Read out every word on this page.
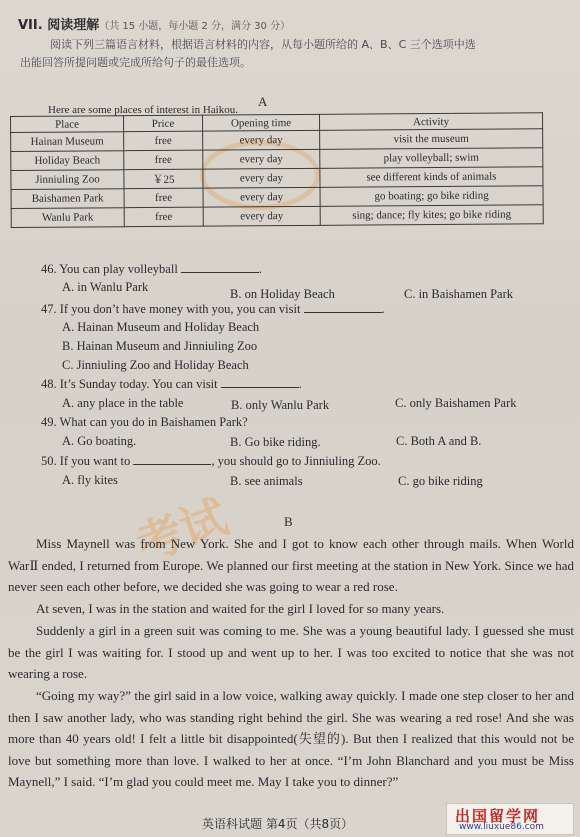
考试
VII. 阅读理解（共 15 小题，每小题 2 分，满分 30 分）
阅读下列三篇语言材料，根据语言材料的内容，从每小题所给的 A、B、C 三个选项中选
出能回答所提问题或完成所给句子的最佳选项。
A
Here are some places of interest in Haikou.
Place	Price	Opening time	Activity
Hainan Museum	free	every day	visit the museum
Holiday Beach	free	every day	play volleyball; swim
Jinniuling Zoo	￥25	every day	see different kinds of animals
Baishamen Park	free	every day	go boating; go bike riding
Wanlu Park	free	every day	sing; dance; fly kites; go bike riding
46. You can play volleyball	.
A. in Wanlu Park	B. on Holiday Beach	C. in Baishamen Park
47. If you don’t have money with you, you can visit	.
A. Hainan Museum and Holiday Beach
B. Hainan Museum and Jinniuling Zoo
C. Jinniuling Zoo and Holiday Beach
48. It’s Sunday today. You can visit	.
A. any place in the table	B. only Wanlu Park	C. only Baishamen Park
49. What can you do in Baishamen Park?
A. Go boating.	B. Go bike riding.	C. Both A and B.
50. If you want to	, you should go to Jinniuling Zoo.
A. fly kites	B. see animals	C. go bike riding
B
Miss Maynell was from New York. She and I got to know each other through mails. When World WarⅡ ended, I returned from Europe. We planned our first meeting at the station in New York. Since we had never seen each other before, we decided she was going to wear a red rose.
At seven, I was in the station and waited for the girl I loved for so many years.
Suddenly a girl in a green suit was coming to me. She was a young beautiful lady. I guessed she must be the girl I was waiting for. I stood up and went up to her. I was too excited to notice that she was not wearing a rose.
“Going my way?” the girl said in a low voice, walking away quickly. I made one step closer to her and then I saw another lady, who was standing right behind the girl. She was wearing a red rose! And she was more than 40 years old! I felt a little bit disappointed(失望的). But then I realized that this would not be love but something more than love. I walked to her at once. “I’m John Blanchard and you must be Miss Maynell,” I said. “I’m glad you could meet me. May I take you to dinner?”
英语科试题 第4页（共8页）	出国留学网
www.liuxue86.com
